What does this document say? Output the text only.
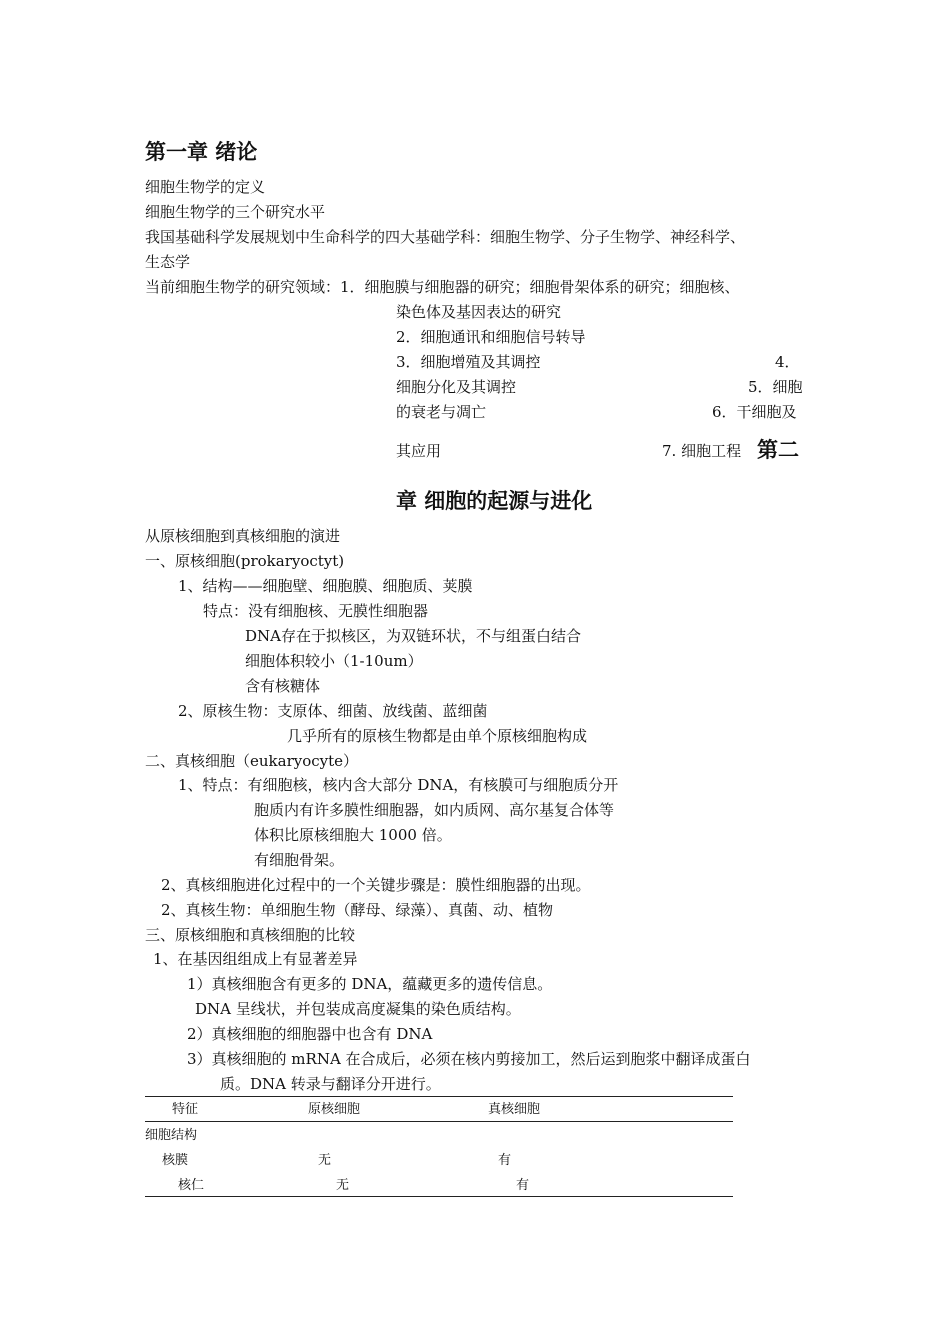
第一章 绪论
细胞生物学的定义
细胞生物学的三个研究水平
我国基础科学发展规划中生命科学的四大基础学科：细胞生物学、分子生物学、神经科学、
生态学
当前细胞生物学的研究领域：1．细胞膜与细胞器的研究；细胞骨架体系的研究；细胞核、
染色体及基因表达的研究
2．细胞通讯和细胞信号转导
3．细胞增殖及其调控	4．
细胞分化及其调控	5．细胞
的衰老与凋亡	6．干细胞及
其应用	7. 细胞工程 第二
章 细胞的起源与进化
从原核细胞到真核细胞的演进
一、原核细胞(prokaryoctyt)
1、结构——细胞壁、细胞膜、细胞质、荚膜
特点：没有细胞核、无膜性细胞器
DNA存在于拟核区，为双链环状，不与组蛋白结合
细胞体积较小（1-10um）
含有核糖体
2、原核生物：支原体、细菌、放线菌、蓝细菌
几乎所有的原核生物都是由单个原核细胞构成
二、真核细胞（eukaryocyte）
1、特点：有细胞核，核内含大部分 DNA，有核膜可与细胞质分开
胞质内有许多膜性细胞器，如内质网、高尔基复合体等
体积比原核细胞大 1000 倍。
有细胞骨架。
2、真核细胞进化过程中的一个关键步骤是：膜性细胞器的出现。
2、真核生物：单细胞生物（酵母、绿藻）、真菌、动、植物
三、原核细胞和真核细胞的比较
1、在基因组组成上有显著差异
1）真核细胞含有更多的 DNA，蕴藏更多的遗传信息。
DNA 呈线状，并包装成高度凝集的染色质结构。
2）真核细胞的细胞器中也含有 DNA
3）真核细胞的 mRNA 在合成后，必须在核内剪接加工，然后运到胞浆中翻译成蛋白
质。DNA 转录与翻译分开进行。
特征	原核细胞	真核细胞
细胞结构
核膜	无	有
核仁	无	有
